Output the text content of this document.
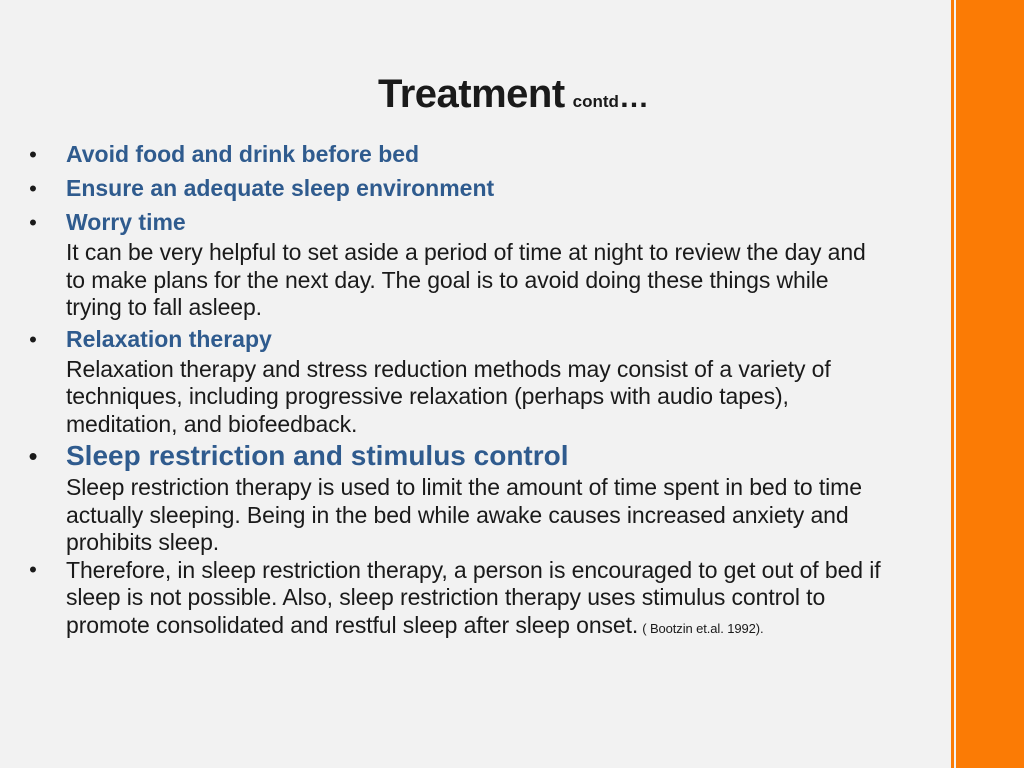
Treatment contd…
• Avoid food and drink before bed
• Ensure an adequate sleep environment
• Worry time
It can be very helpful to set aside a period of time at night to review the day and to make plans for the next day. The goal is to avoid doing these things while trying to fall asleep.
• Relaxation therapy
Relaxation therapy and stress reduction methods may consist of a variety of techniques, including progressive relaxation (perhaps with audio tapes), meditation, and biofeedback.
• Sleep restriction and stimulus control
Sleep restriction therapy is used to limit the amount of time spent in bed to time actually sleeping. Being in the bed while awake causes increased anxiety and prohibits sleep.
• Therefore, in sleep restriction therapy, a person is encouraged to get out of bed if sleep is not possible. Also, sleep restriction therapy uses stimulus control to promote consolidated and restful sleep after sleep onset. ( Bootzin et.al. 1992).
